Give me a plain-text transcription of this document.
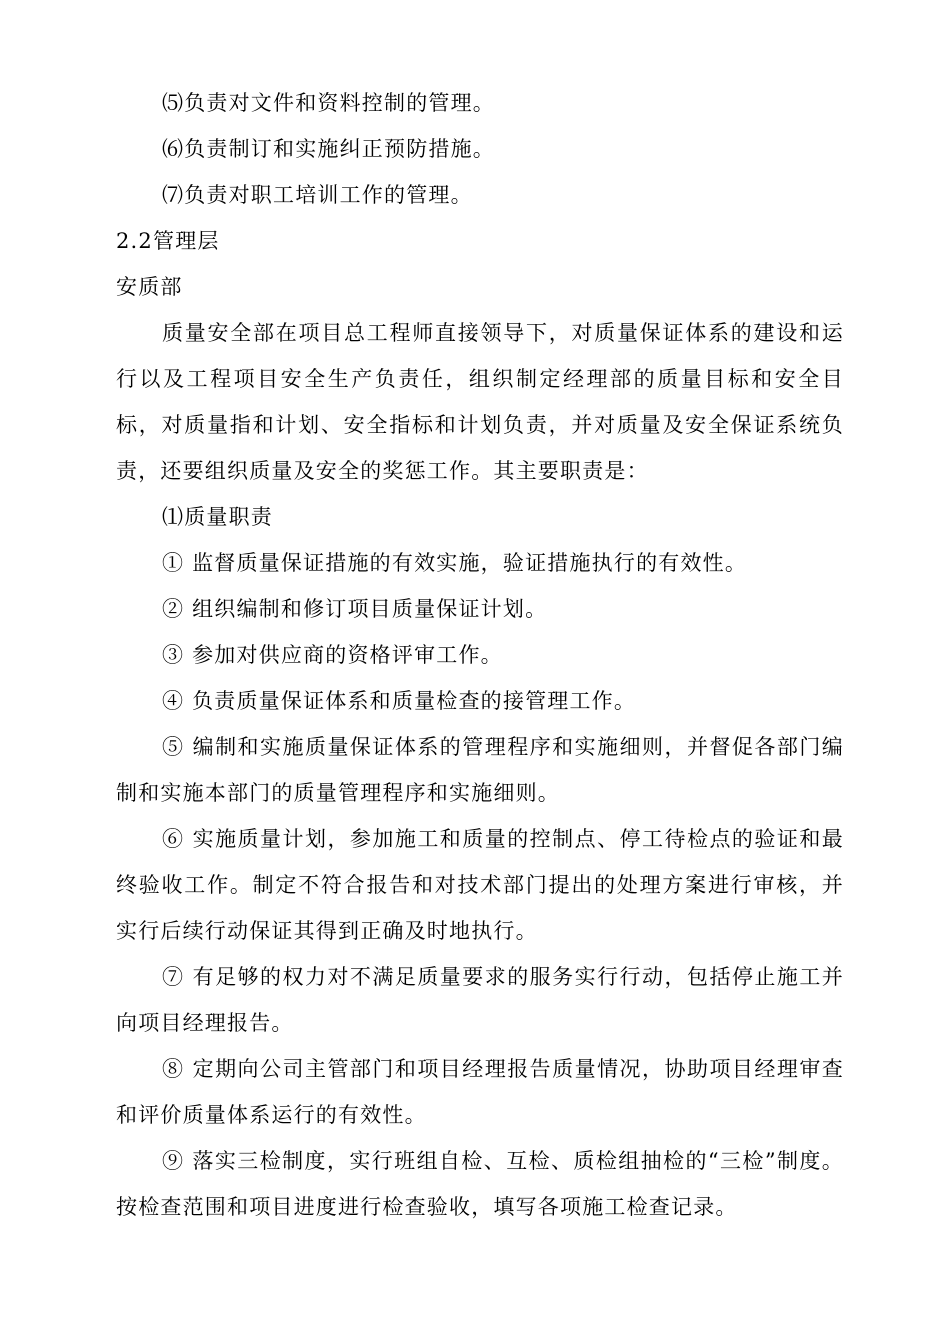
⑸负责对文件和资料控制的管理。
⑹负责制订和实施纠正预防措施。
⑺负责对职工培训工作的管理。
2.2管理层
安质部
质量安全部在项目总工程师直接领导下，对质量保证体系的建设和运行以及工程项目安全生产负责任，组织制定经理部的质量目标和安全目标，对质量指和计划、安全指标和计划负责，并对质量及安全保证系统负责，还要组织质量及安全的奖惩工作。其主要职责是：
⑴质量职责
① 监督质量保证措施的有效实施，验证措施执行的有效性。
② 组织编制和修订项目质量保证计划。
③ 参加对供应商的资格评审工作。
④ 负责质量保证体系和质量检查的接管理工作。
⑤ 编制和实施质量保证体系的管理程序和实施细则，并督促各部门编制和实施本部门的质量管理程序和实施细则。
⑥ 实施质量计划，参加施工和质量的控制点、停工待检点的验证和最终验收工作。制定不符合报告和对技术部门提出的处理方案进行审核，并实行后续行动保证其得到正确及时地执行。
⑦ 有足够的权力对不满足质量要求的服务实行行动，包括停止施工并向项目经理报告。
⑧ 定期向公司主管部门和项目经理报告质量情况，协助项目经理审查和评价质量体系运行的有效性。
⑨ 落实三检制度，实行班组自检、互检、质检组抽检的“三检”制度。按检查范围和项目进度进行检查验收，填写各项施工检查记录。
